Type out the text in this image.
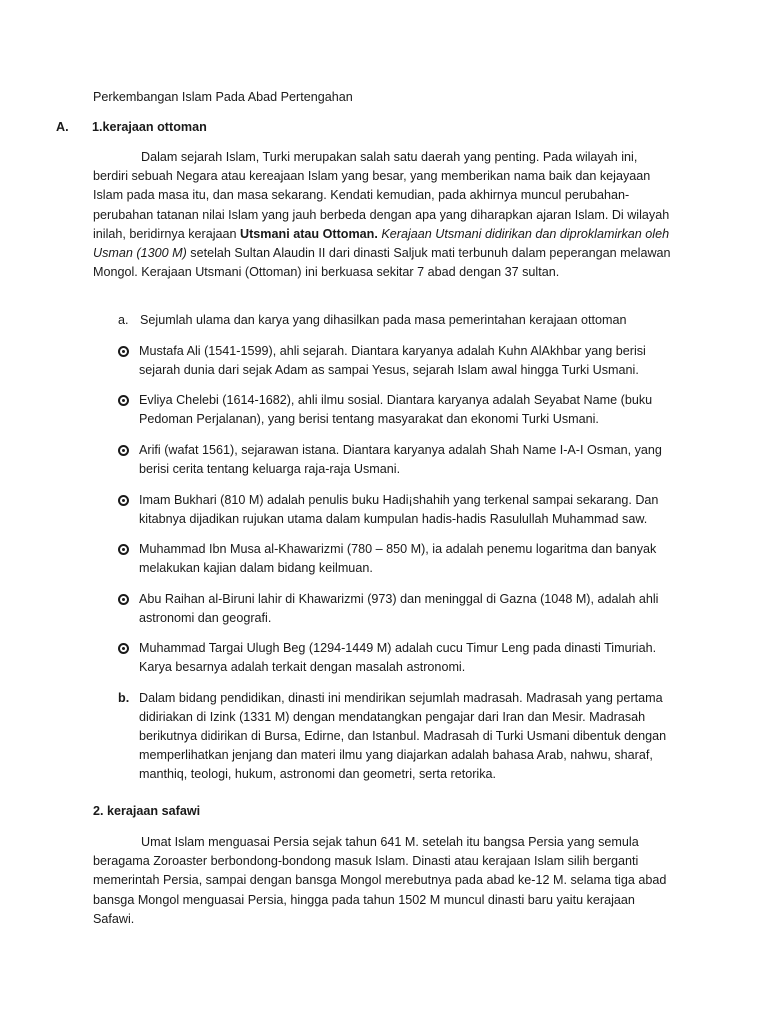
Perkembangan Islam Pada Abad Pertengahan
A. 1.kerajaan ottoman

Dalam sejarah Islam, Turki merupakan salah satu daerah yang penting. Pada wilayah ini, berdiri sebuah Negara atau kereajaan Islam yang besar, yang memberikan nama baik dan kejayaan Islam pada masa itu, dan masa sekarang. Kendati kemudian, pada akhirnya muncul perubahan-perubahan tatanan nilai Islam yang jauh berbeda dengan apa yang diharapkan ajaran Islam. Di wilayah inilah, beridirnya kerajaan Utsmani atau Ottoman. Kerajaan Utsmani didirikan dan diproklamirkan oleh Usman (1300 M) setelah Sultan Alaudin II dari dinasti Saljuk mati terbunuh dalam peperangan melawan Mongol. Kerajaan Utsmani (Ottoman) ini berkuasa sekitar 7 abad dengan 37 sultan.

a. Sejumlah ulama dan karya yang dihasilkan pada masa pemerintahan kerajaan ottoman
Mustafa Ali (1541-1599), ahli sejarah. Diantara karyanya adalah Kuhn AlAkhbar yang berisi sejarah dunia dari sejak Adam as sampai Yesus, sejarah Islam awal hingga Turki Usmani.
Evliya Chelebi (1614-1682), ahli ilmu sosial. Diantara karyanya adalah Seyabat Name (buku Pedoman Perjalanan), yang berisi tentang masyarakat dan ekonomi Turki Usmani.
Arifi (wafat 1561), sejarawan istana. Diantara karyanya adalah Shah Name I-A-I Osman, yang berisi cerita tentang keluarga raja-raja Usmani.
Imam Bukhari (810 M) adalah penulis buku Hadi¡shahih yang terkenal sampai sekarang. Dan kitabnya dijadikan rujukan utama dalam kumpulan hadis-hadis Rasulullah Muhammad saw.
Muhammad Ibn Musa al-Khawarizmi (780 – 850 M), ia adalah penemu logaritma dan banyak melakukan kajian dalam bidang keilmuan.
Abu Raihan al-Biruni lahir di Khawarizmi (973) dan meninggal di Gazna (1048 M), adalah ahli astronomi dan geografi.
Muhammad Targai Ulugh Beg (1294-1449 M) adalah cucu Timur Leng pada dinasti Timuriah. Karya besarnya adalah terkait dengan masalah astronomi.
b. Dalam bidang pendidikan, dinasti ini mendirikan sejumlah madrasah. Madrasah yang pertama didiriakan di Izink (1331 M) dengan mendatangkan pengajar dari Iran dan Mesir. Madrasah berikutnya didirikan di Bursa, Edirne, dan Istanbul. Madrasah di Turki Usmani dibentuk dengan memperlihatkan jenjang dan materi ilmu yang diajarkan adalah bahasa Arab, nahwu, sharaf, manthiq, teologi, hukum, astronomi dan geometri, serta retorika.
2. kerajaan safawi

Umat Islam menguasai Persia sejak tahun 641 M. setelah itu bangsa Persia yang semula beragama Zoroaster berbondong-bondong masuk Islam. Dinasti atau kerajaan Islam silih berganti memerintah Persia, sampai dengan bansga Mongol merebutnya pada abad ke-12 M. selama tiga abad bansga Mongol menguasai Persia, hingga pada tahun 1502 M muncul dinasti baru yaitu kerajaan Safawi.
